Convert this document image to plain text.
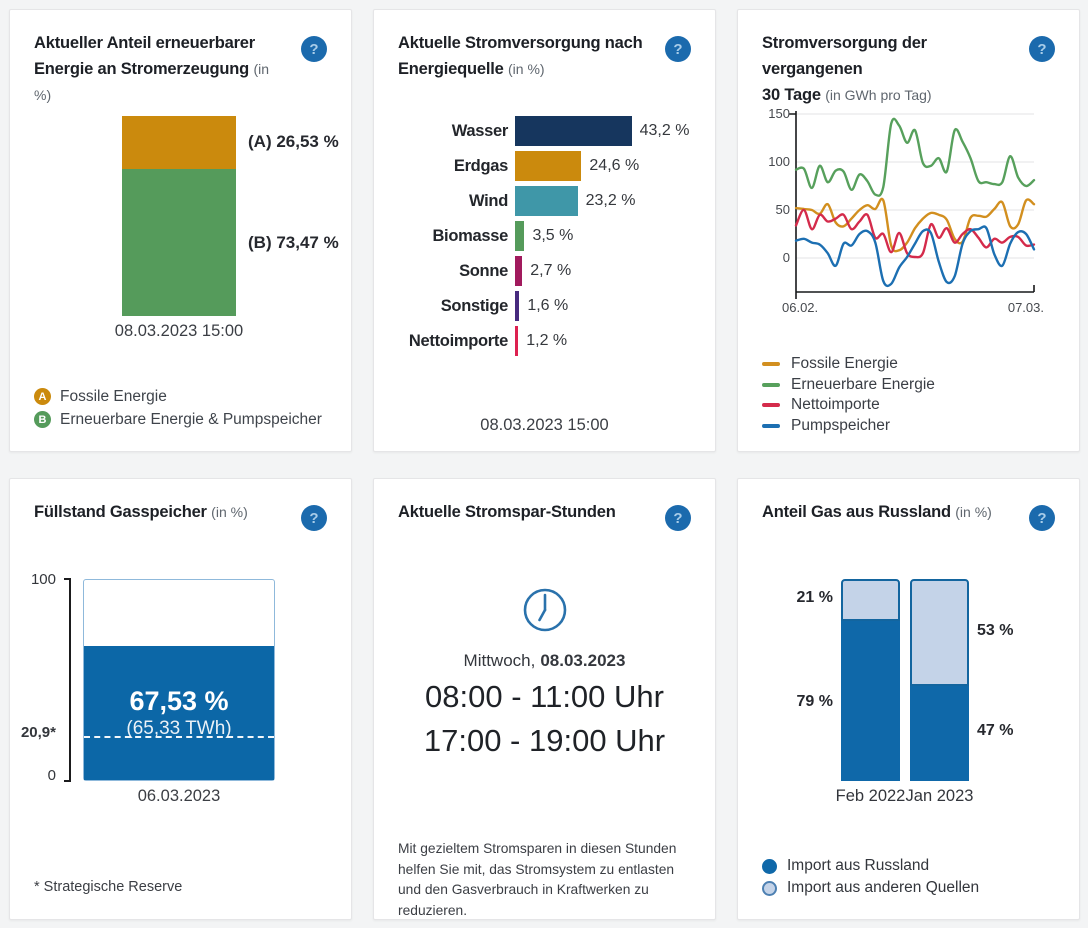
Aktueller Anteil erneuerbarer
Energie an Stromerzeugung (in %)
?
(A) 26,53 %
(B) 73,47 %
08.03.2023 15:00
A Fossile Energie
B Erneuerbare Energie & Pumpspeicher
Aktuelle Stromversorgung nach
Energiequelle (in %)
?
Wasser	43,2 %
Erdgas	24,6 %
Wind	23,2 %
Biomasse	3,5 %
Sonne	2,7 %
Sonstige	1,6 %
Nettoimporte	1,2 %
08.03.2023 15:00
Stromversorgung der vergangenen
30 Tage (in GWh pro Tag)
?
150
100
50
0
06.02.	07.03.
Fossile Energie
Erneuerbare Energie
Nettoimporte
Pumpspeicher
Füllstand Gasspeicher (in %)	?
100
20,9*
0
67,53 %
(65,33 TWh)
06.03.2023
* Strategische Reserve
Aktuelle Stromspar-Stunden	?
Mittwoch, 08.03.2023
08:00 - 11:00 Uhr
17:00 - 19:00 Uhr

Mit gezieltem Stromsparen in diesen Stunden helfen Sie mit, das Stromsystem zu entlasten und den Gasverbrauch in Kraftwerken zu reduzieren.

Anteil Gas aus Russland (in %)	?
21 %
79 %
53 %
47 %
Feb 2022 Jan 2023
Import aus Russland
Import aus anderen Quellen
